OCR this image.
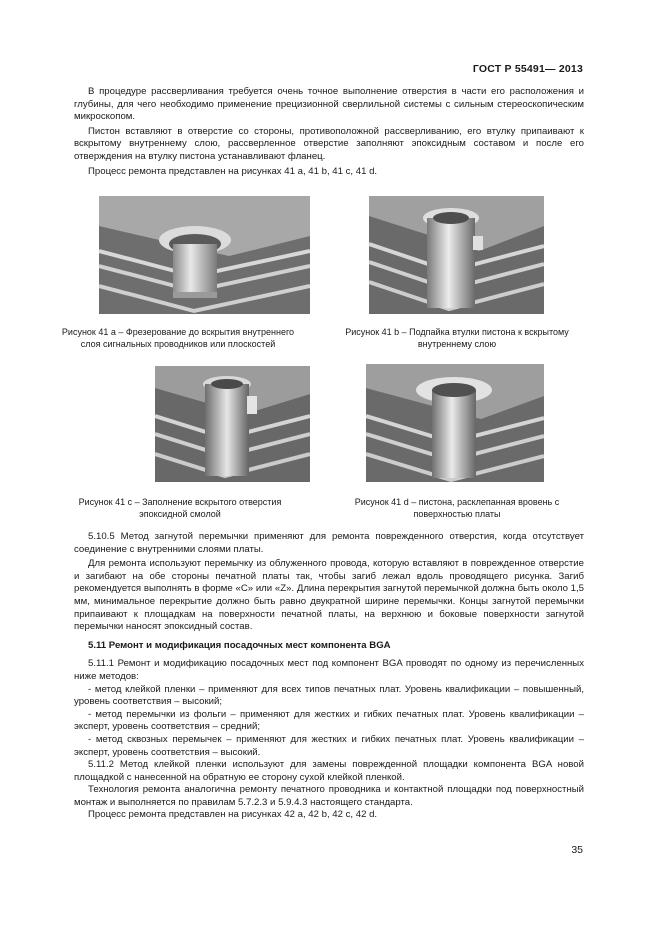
ГОСТ Р 55491— 2013

В процедуре рассверливания требуется очень точное выполнение отверстия в части его расположения и глубины, для чего необходимо применение прецизионной сверлильной системы с сильным стереоскопическим микроскопом.

Пистон вставляют в отверстие со стороны, противоположной рассверливанию, его втулку припаивают к вскрытому внутреннему слою, рассверленное отверстие заполняют эпоксидным составом и после его отверждения на втулку пистона устанавливают фланец.

Процесс ремонта представлен на рисунках 41 a, 41 b, 41 c, 41 d.

Рисунок 41 a – Фрезерование до вскрытия внутреннего слоя сигнальных проводников или плоскостей
Рисунок 41 b – Подпайка втулки пистона к вскрытому внутреннему слою
Рисунок 41 c – Заполнение вскрытого отверстия эпоксидной смолой
Рисунок 41 d – пистона, расклепанная вровень с поверхностью платы

5.10.5 Метод загнутой перемычки применяют для ремонта поврежденного отверстия, когда отсутствует соединение с внутренними слоями платы.

Для ремонта используют перемычку из облуженного провода, которую вставляют в поврежденное отверстие и загибают на обе стороны печатной платы так, чтобы загиб лежал вдоль проводящего рисунка. Загиб рекомендуется выполнять в форме «C» или «Z». Длина перекрытия загнутой перемычкой должна быть около 1,5 мм, минимальное перекрытие должно быть равно двукратной ширине перемычки. Концы загнутой перемычки припаивают к площадкам на поверхности печатной платы, на верхнюю и боковые поверхности загнутой перемычки наносят эпоксидный состав.

5.11 Ремонт и модификация посадочных мест компонента BGA

5.11.1 Ремонт и модификацию посадочных мест под компонент BGA проводят по одному из перечисленных ниже методов:

- метод клейкой пленки – применяют для всех типов печатных плат. Уровень квалификации – повышенный, уровень соответствия – высокий;

- метод перемычки из фольги – применяют для жестких и гибких печатных плат. Уровень квалификации – эксперт, уровень соответствия – средний;

- метод сквозных перемычек – применяют для жестких и гибких печатных плат. Уровень квалификации – эксперт, уровень соответствия – высокий.

5.11.2 Метод клейкой пленки используют для замены поврежденной площадки компонента BGA новой площадкой с нанесенной на обратную ее сторону сухой клейкой пленкой.

Технология ремонта аналогична ремонту печатного проводника и контактной площадки под поверхностный монтаж и выполняется по правилам 5.7.2.3 и 5.9.4.3 настоящего стандарта.

Процесс ремонта представлен на рисунках 42 a, 42 b, 42 c, 42 d.

35
